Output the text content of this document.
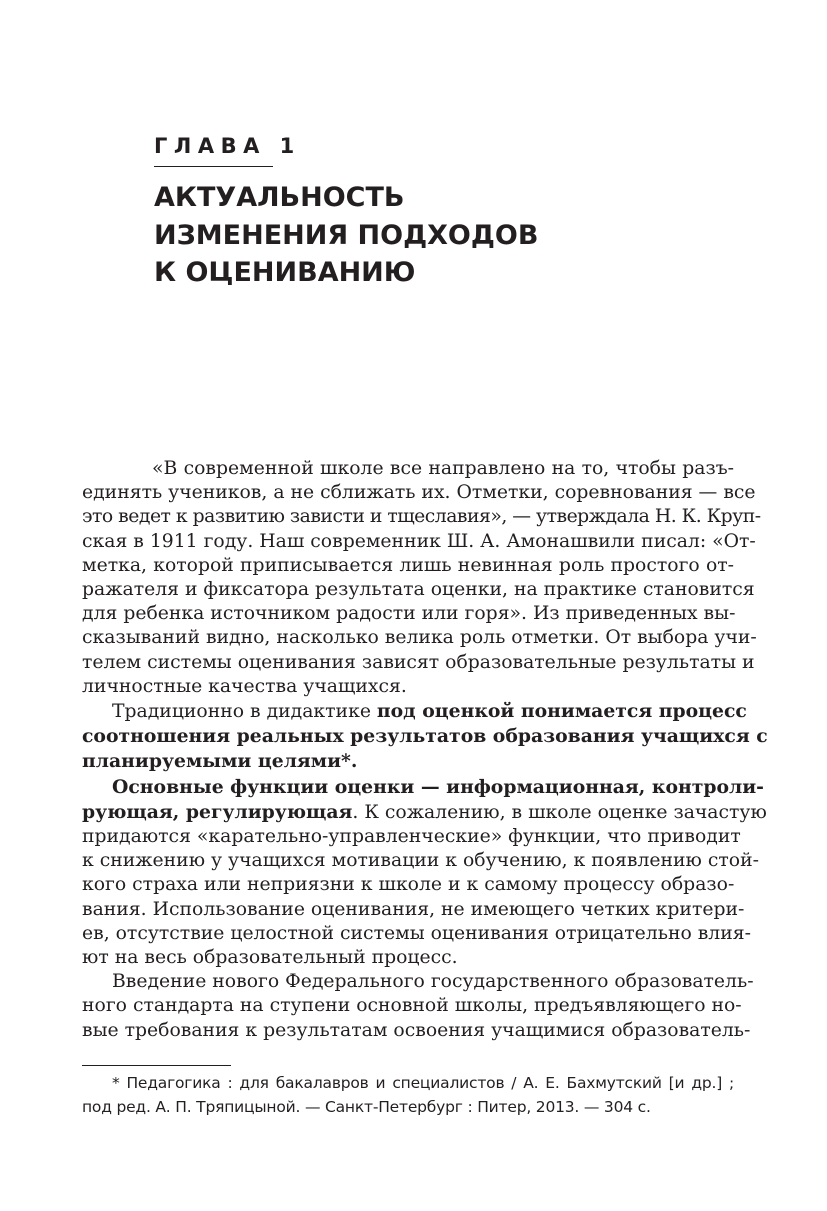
ГЛАВА 1
АКТУАЛЬНОСТЬ
ИЗМЕНЕНИЯ ПОДХОДОВ
К ОЦЕНИВАНИЮ

«В современной школе все направлено на то, чтобы разъ-
единять учеников, а не сближать их. Отметки, соревнования — все
это ведет к развитию зависти и тщеславия», — утверждала Н. К. Круп-
ская в 1911 году. Наш современник Ш. А. Амонашвили писал: «От-
метка, которой приписывается лишь невинная роль простого от-
ражателя и фиксатора результата оценки, на практике становится
для ребенка источником радости или горя». Из приведенных вы-
сказываний видно, насколько велика роль отметки. От выбора учи-
телем системы оценивания зависят образовательные результаты и
личностные качества учащихся.

Традиционно в дидактике под оценкой понимается процесс
соотношения реальных результатов образования учащихся с
планируемыми целями*.

Основные функции оценки — информационная, контроли-
рующая, регулирующая. К сожалению, в школе оценке зачастую
придаются «карательно-управленческие» функции, что приводит
к снижению у учащихся мотивации к обучению, к появлению стой-
кого страха или неприязни к школе и к самому процессу образо-
вания. Использование оценивания, не имеющего четких критери-
ев, отсутствие целостной системы оценивания отрицательно влия-
ют на весь образовательный процесс.

Введение нового Федерального государственного образователь-
ного стандарта на ступени основной школы, предъявляющего но-
вые требования к результатам освоения учащимися образователь-

* Педагогика : для бакалавров и специалистов / А. Е. Бахмутский [и др.] ;
под ред. А. П. Тряпицыной. — Санкт-Петербург : Питер, 2013. — 304 с.
